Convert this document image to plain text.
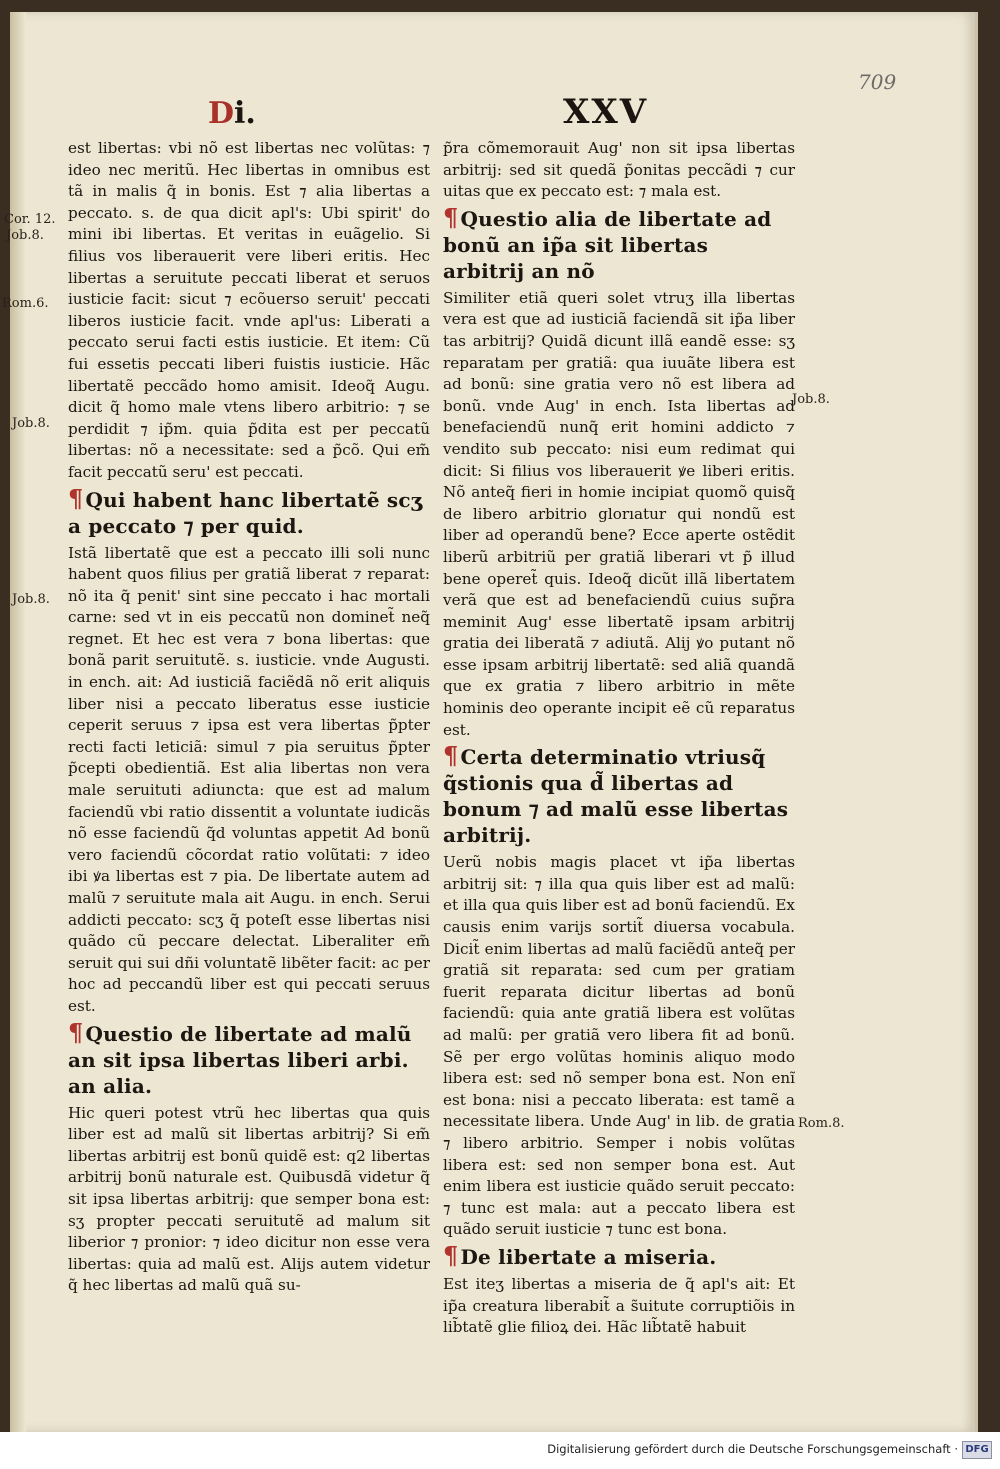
709
Di.	XXV
Cor. 12.
Job.8.
Rom.6.
Job.8.
Job.8.
Job.8.
Rom.8.

est libertas: vbi nõ est libertas nec volũtas: ⁊ ideo nec meritũ. Hec libertas in omnibus est tã in malis q̃ in bonis. Est ⁊ alia libertas a peccato. s. de qua dicit apl's: Ubi spirit' do mini ibi libertas. Et veritas in euãgelio. Si filius vos liberauerit vere liberi eritis. Hec libertas a seruitute peccati liberat et seruos iusticie facit: sicut ⁊ ecõuerso seruit' peccati liberos iusticie facit. vnde apl'us: Liberati a peccato serui facti estis iusticie. Et item: Cũ fui essetis peccati liberi fuistis iusticie. Hãc libertatẽ peccãdo homo amisit. Ideoq̃ Augu. dicit q̃ homo male vtens libero arbitrio: ⁊ se perdidit ⁊ ip̃m. quia p̃dita est per peccatũ libertas: nõ a necessitate: sed a p̃cõ. Qui em̃ facit peccatũ seru' est peccati.

¶ Qui habent hanc libertatẽ scʒ a peccato ⁊ per quid.

Istã libertatẽ que est a peccato illi soli nunc habent quos filius per gratiã liberat ⁊ reparat: nõ ita q̃ penit' sint sine peccato i hac mortali carne: sed vt in eis peccatũ non dominet̃ neq̃ regnet. Et hec est vera ⁊ bona libertas: que bonã parit seruitutẽ. s. iusticie. vnde Augusti. in ench. ait: Ad iusticiã faciẽdã nõ erit aliquis liber nisi a peccato liberatus esse iusticie ceperit seruus ⁊ ipsa est vera libertas p̃pter recti facti leticiã: simul ⁊ pia seruitus p̃pter p̃cepti obedientiã. Est alia libertas non vera male seruituti adiuncta: que est ad malum faciendũ vbi ratio dissentit a voluntate iudicãs nõ esse faciendũ q̃d voluntas appetit Ad bonũ vero faciendũ cõcordat ratio volũtati: ⁊ ideo ibi ꝟa libertas est ⁊ pia. De libertate autem ad malũ ⁊ seruitute mala ait Augu. in ench. Serui addicti peccato: scʒ q̃ poteſt esse libertas nisi quãdo cũ peccare delectat. Liberaliter em̃ seruit qui sui dñi voluntatẽ libẽter facit: ac per hoc ad peccandũ liber est qui peccati seruus est.

¶ Questio de libertate ad malũ an sit ipsa libertas liberi arbi. an alia.

Hic queri potest vtrũ hec libertas qua quis liber est ad malũ sit libertas arbitrij? Si em̃ libertas arbitrij est bonũ quidẽ est: q2 libertas arbitrij bonũ naturale est. Quibusdã videtur q̃ sit ipsa libertas arbitrij: que semper bona est: sʒ propter peccati seruitutẽ ad malum sit liberior ⁊ pronior: ⁊ ideo dicitur non esse vera libertas: quia ad malũ est. Alijs autem videtur q̃ hec libertas ad malũ quã su-

p̃ra cõmemorauit Aug' non sit ipsa libertas arbitrij: sed sit quedã p̃onitas peccãdi ⁊ cur uitas que ex peccato est: ⁊ mala est.

¶ Questio alia de libertate ad bonũ an ip̃a sit libertas arbitrij an nõ

Similiter etiã queri solet vtruʒ illa libertas vera est que ad iusticiã faciendã sit ip̃a liber tas arbitrij? Quidã dicunt illã eandẽ esse: sʒ reparatam per gratiã: qua iuuãte libera est ad bonũ: sine gratia vero nõ est libera ad bonũ. vnde Aug' in ench. Ista libertas ad benefaciendũ nunq̃ erit homini addicto ⁊ vendito sub peccato: nisi eum redimat qui dicit: Si filius vos liberauerit ꝟe liberi eritis. Nõ anteq̃ fieri in homie incipiat quomõ quisq̃ de libero arbitrio glorıatur qui nondũ est liber ad operandũ bene? Ecce aperte ostẽdit liberũ arbitriũ per gratiã liberari vt p̃ illud bene operet̃ quis. Ideoq̃ dicũt illã libertatem verã que est ad benefaciendũ cuius sup̃ra meminit Aug' esse libertatẽ ipsam arbitrij gratia dei liberatã ⁊ adiutã. Alij ꝟo putant nõ esse ipsam arbitrij libertatẽ: sed aliã quandã que ex gratia ⁊ libero arbitrio in mẽte hominis deo operante incipit eẽ cũ reparatus est.

¶ Certa determinatio vtriusq̃ q̃stionis qua d̃ libertas ad bonum ⁊ ad malũ esse libertas arbitrij.

Uerũ nobis magis placet vt ip̃a libertas arbitrij sit: ⁊ illa qua quis liber est ad malũ: et illa qua quis liber est ad bonũ faciendũ. Ex causis enim varijs sortit̃ diuersa vocabula. Dicit̃ enim libertas ad malũ faciẽdũ anteq̃ per gratiã sit reparata: sed cum per gratiam fuerit reparata dicitur libertas ad bonũ faciendũ: quia ante gratiã libera est volũtas ad malũ: per gratiã vero libera fit ad bonũ. Sẽ per ergo volũtas hominis aliquo modo libera est: sed nõ semper bona est. Non enĩ est bona: nisi a peccato liberata: est tamẽ a necessitate libera. Unde Aug' in lib. de gratia ⁊ libero arbitrio. Semper i nobis volũtas libera est: sed non semper bona est. Aut enim libera est iusticie quãdo seruit peccato: ⁊ tunc est mala: aut a peccato libera est quãdo seruit iusticie ⁊ tunc est bona.

¶ De libertate a miseria.

Est iteʒ libertas a miseria de q̃ apl's ait: Et ip̃a creatura liberabit̃ a s̃uitute corruptiõis in lib̃tatẽ glie filioꝝ dei. Hãc lib̃tatẽ habuit

Digitalisierung gefördert durch die Deutsche Forschungsgemeinschaft · DFG
